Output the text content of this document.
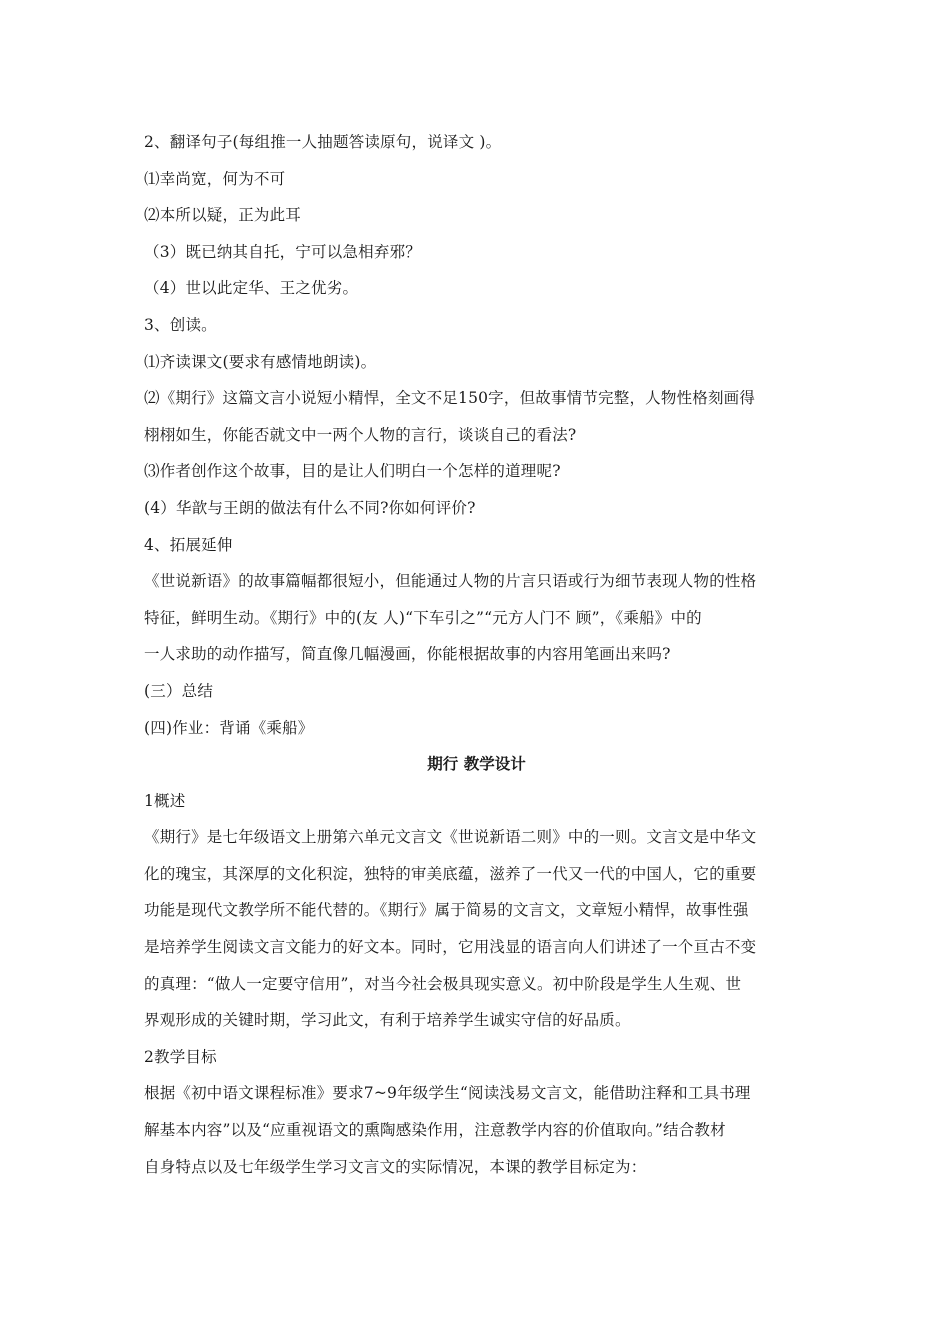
2、翻译句子(每组推一人抽题答读原句，说译文 )。
⑴幸尚宽，何为不可
⑵本所以疑，正为此耳
（3）既已纳其自托，宁可以急相弃邪？
（4）世以此定华、王之优劣。
3、创读。
⑴齐读课文(要求有感情地朗读)。
⑵《期行》这篇文言小说短小精悍，全文不足150字，但故事情节完整，人物性格刻画得
栩栩如生，你能否就文中一两个人物的言行，谈谈自己的看法?
⑶作者创作这个故事，目的是让人们明白一个怎样的道理呢?
(4）华歆与王朗的做法有什么不同?你如何评价?
4、拓展延伸
《世说新语》的故事篇幅都很短小，但能通过人物的片言只语或行为细节表现人物的性格
特征，鲜明生动。《期行》中的(友 人)“下车引之”“元方人门不 顾”，《乘船》中的
一人求助的动作描写，简直像几幅漫画，你能根据故事的内容用笔画出来吗?
(三）总结
(四)作业：背诵《乘船》
期行 教学设计
1概述
《期行》是七年级语文上册第六单元文言文《世说新语二则》中的一则。文言文是中华文
化的瑰宝，其深厚的文化积淀，独特的审美底蕴，滋养了一代又一代的中国人，它的重要
功能是现代文教学所不能代替的。《期行》属于简易的文言文，文章短小精悍，故事性强
是培养学生阅读文言文能力的好文本。同时，它用浅显的语言向人们讲述了一个亘古不变
的真理：“做人一定要守信用”，对当今社会极具现实意义。初中阶段是学生人生观、世
界观形成的关键时期，学习此文，有利于培养学生诚实守信的好品质。
2教学目标
根据《初中语文课程标准》要求7~9年级学生“阅读浅易文言文，能借助注释和工具书理
解基本内容”以及“应重视语文的熏陶感染作用，注意教学内容的价值取向。”结合教材
自身特点以及七年级学生学习文言文的实际情况，本课的教学目标定为：
